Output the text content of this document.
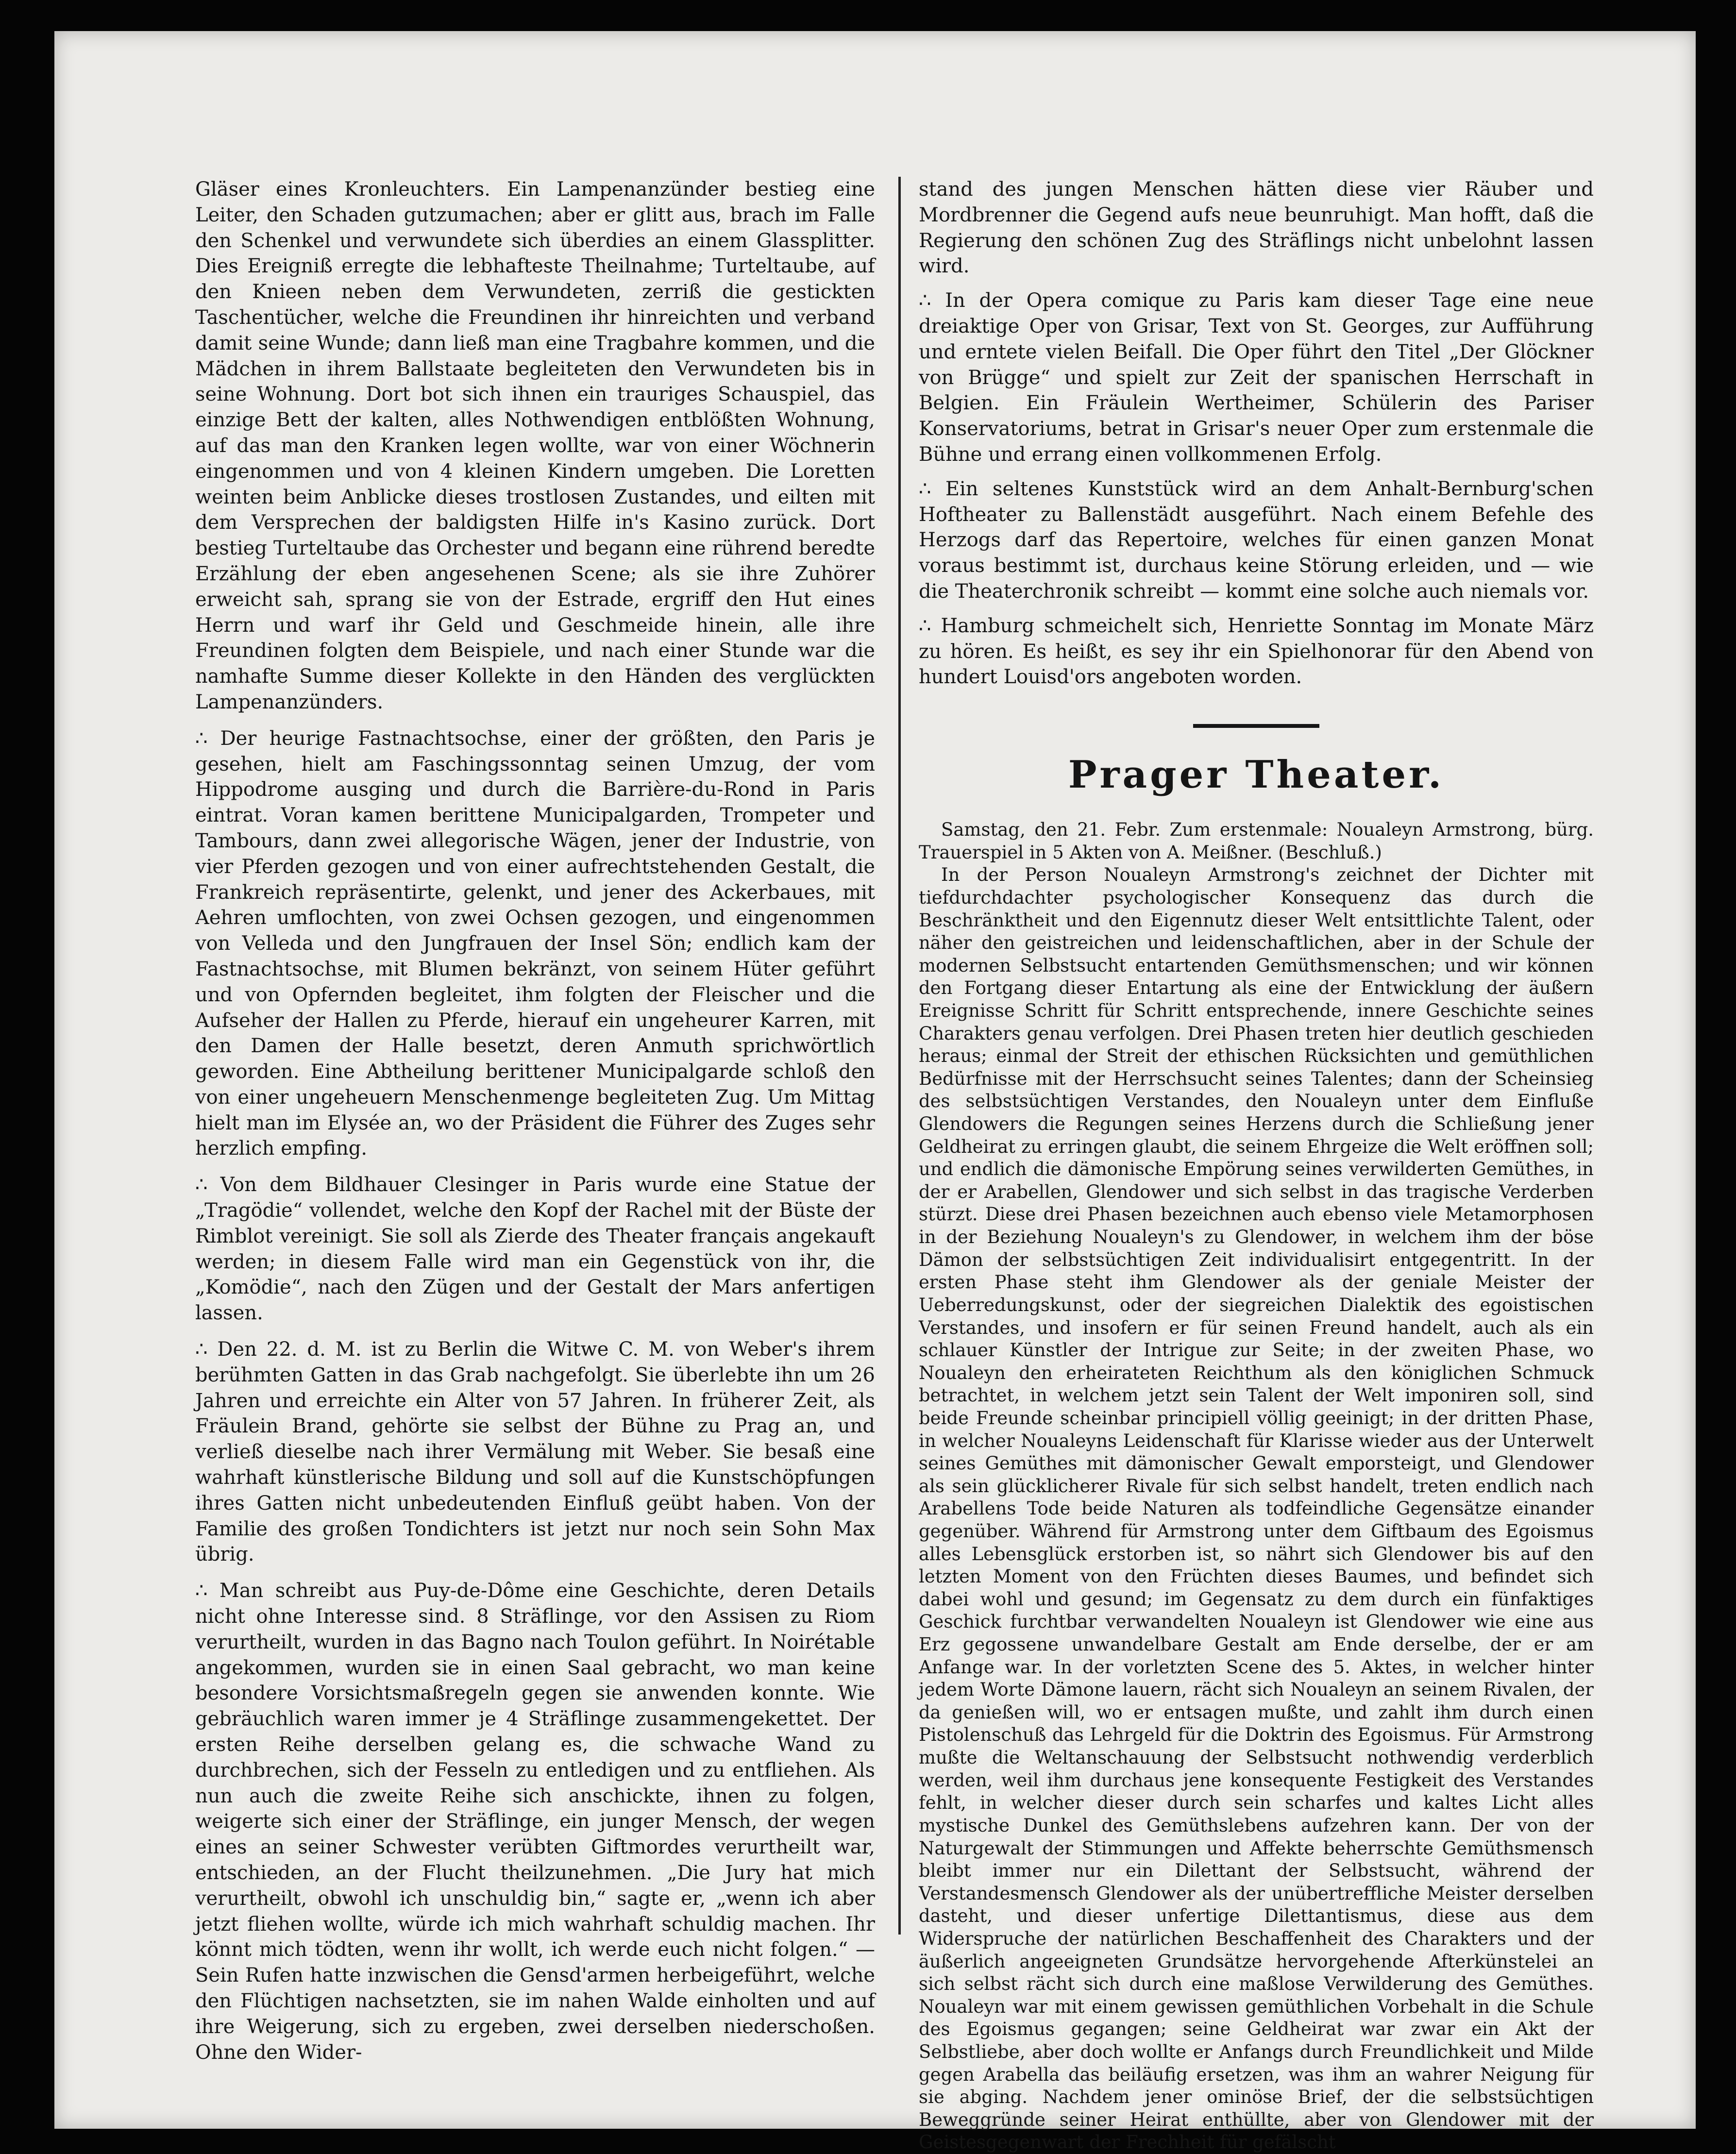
Gläser eines Kronleuchters. Ein Lampenanzünder bestieg eine Leiter, den Schaden gutzumachen; aber er glitt aus, brach im Falle den Schenkel und verwundete sich überdies an einem Glassplitter. Dies Ereigniß erregte die lebhafteste Theilnahme; Turteltaube, auf den Knieen neben dem Verwundeten, zerriß die gestickten Taschentücher, welche die Freundinen ihr hinreichten und verband damit seine Wunde; dann ließ man eine Tragbahre kommen, und die Mädchen in ihrem Ballstaate begleiteten den Verwundeten bis in seine Wohnung. Dort bot sich ihnen ein trauriges Schauspiel, das einzige Bett der kalten, alles Nothwendigen entblößten Wohnung, auf das man den Kranken legen wollte, war von einer Wöchnerin eingenommen und von 4 kleinen Kindern umgeben. Die Loretten weinten beim Anblicke dieses trostlosen Zustandes, und eilten mit dem Versprechen der baldigsten Hilfe in's Kasino zurück. Dort bestieg Turteltaube das Orchester und begann eine rührend beredte Erzählung der eben angesehenen Scene; als sie ihre Zuhörer erweicht sah, sprang sie von der Estrade, ergriff den Hut eines Herrn und warf ihr Geld und Geschmeide hinein, alle ihre Freundinen folgten dem Beispiele, und nach einer Stunde war die namhafte Summe dieser Kollekte in den Händen des verglückten Lampenanzünders.

∴ Der heurige Fastnachtsochse, einer der größten, den Paris je gesehen, hielt am Faschingssonntag seinen Umzug, der vom Hippodrome ausging und durch die Barrière-du-Rond in Paris eintrat. Voran kamen berittene Municipalgarden, Trompeter und Tambours, dann zwei allegorische Wägen, jener der Industrie, von vier Pferden gezogen und von einer aufrechtstehenden Gestalt, die Frankreich repräsentirte, gelenkt, und jener des Ackerbaues, mit Aehren umflochten, von zwei Ochsen gezogen, und eingenommen von Velleda und den Jungfrauen der Insel Sön; endlich kam der Fastnachtsochse, mit Blumen bekränzt, von seinem Hüter geführt und von Opfernden begleitet, ihm folgten der Fleischer und die Aufseher der Hallen zu Pferde, hierauf ein ungeheurer Karren, mit den Damen der Halle besetzt, deren Anmuth sprichwörtlich geworden. Eine Abtheilung berittener Municipalgarde schloß den von einer ungeheuern Menschenmenge begleiteten Zug. Um Mittag hielt man im Elysée an, wo der Präsident die Führer des Zuges sehr herzlich empfing.

∴ Von dem Bildhauer Clesinger in Paris wurde eine Statue der „Tragödie“ vollendet, welche den Kopf der Rachel mit der Büste der Rimblot vereinigt. Sie soll als Zierde des Theater français angekauft werden; in diesem Falle wird man ein Gegenstück von ihr, die „Komödie“, nach den Zügen und der Gestalt der Mars anfertigen lassen.

∴ Den 22. d. M. ist zu Berlin die Witwe C. M. von Weber's ihrem berühmten Gatten in das Grab nachgefolgt. Sie überlebte ihn um 26 Jahren und erreichte ein Alter von 57 Jahren. In früherer Zeit, als Fräulein Brand, gehörte sie selbst der Bühne zu Prag an, und verließ dieselbe nach ihrer Vermälung mit Weber. Sie besaß eine wahrhaft künstlerische Bildung und soll auf die Kunstschöpfungen ihres Gatten nicht unbedeutenden Einfluß geübt haben. Von der Familie des großen Tondichters ist jetzt nur noch sein Sohn Max übrig.

∴ Man schreibt aus Puy-de-Dôme eine Geschichte, deren Details nicht ohne Interesse sind. 8 Sträflinge, vor den Assisen zu Riom verurtheilt, wurden in das Bagno nach Toulon geführt. In Noirétable angekommen, wurden sie in einen Saal gebracht, wo man keine besondere Vorsichtsmaßregeln gegen sie anwenden konnte. Wie gebräuchlich waren immer je 4 Sträflinge zusammengekettet. Der ersten Reihe derselben gelang es, die schwache Wand zu durchbrechen, sich der Fesseln zu entledigen und zu entfliehen. Als nun auch die zweite Reihe sich anschickte, ihnen zu folgen, weigerte sich einer der Sträflinge, ein junger Mensch, der wegen eines an seiner Schwester verübten Giftmordes verurtheilt war, entschieden, an der Flucht theilzunehmen. „Die Jury hat mich verurtheilt, obwohl ich unschuldig bin,“ sagte er, „wenn ich aber jetzt fliehen wollte, würde ich mich wahrhaft schuldig machen. Ihr könnt mich tödten, wenn ihr wollt, ich werde euch nicht folgen.“ — Sein Rufen hatte inzwischen die Gensd'armen herbeigeführt, welche den Flüchtigen nachsetzten, sie im nahen Walde einholten und auf ihre Weigerung, sich zu ergeben, zwei derselben niederschoßen. Ohne den Wider-

stand des jungen Menschen hätten diese vier Räuber und Mordbrenner die Gegend aufs neue beunruhigt. Man hofft, daß die Regierung den schönen Zug des Sträflings nicht unbelohnt lassen wird.

∴ In der Opera comique zu Paris kam dieser Tage eine neue dreiaktige Oper von Grisar, Text von St. Georges, zur Aufführung und erntete vielen Beifall. Die Oper führt den Titel „Der Glöckner von Brügge“ und spielt zur Zeit der spanischen Herrschaft in Belgien. Ein Fräulein Wertheimer, Schülerin des Pariser Konservatoriums, betrat in Grisar's neuer Oper zum erstenmale die Bühne und errang einen vollkommenen Erfolg.

∴ Ein seltenes Kunststück wird an dem Anhalt-Bernburg'schen Hoftheater zu Ballenstädt ausgeführt. Nach einem Befehle des Herzogs darf das Repertoire, welches für einen ganzen Monat voraus bestimmt ist, durchaus keine Störung erleiden, und — wie die Theaterchronik schreibt — kommt eine solche auch niemals vor.

∴ Hamburg schmeichelt sich, Henriette Sonntag im Monate März zu hören. Es heißt, es sey ihr ein Spielhonorar für den Abend von hundert Louisd'ors angeboten worden.

Prager Theater.

Samstag, den 21. Febr. Zum erstenmale: Noualeyn Armstrong, bürg. Trauerspiel in 5 Akten von A. Meißner. (Beschluß.)

In der Person Noualeyn Armstrong's zeichnet der Dichter mit tiefdurchdachter psychologischer Konsequenz das durch die Beschränktheit und den Eigennutz dieser Welt entsittlichte Talent, oder näher den geistreichen und leidenschaftlichen, aber in der Schule der modernen Selbstsucht entartenden Gemüthsmenschen; und wir können den Fortgang dieser Entartung als eine der Entwicklung der äußern Ereignisse Schritt für Schritt entsprechende, innere Geschichte seines Charakters genau verfolgen. Drei Phasen treten hier deutlich geschieden heraus; einmal der Streit der ethischen Rücksichten und gemüthlichen Bedürfnisse mit der Herrschsucht seines Talentes; dann der Scheinsieg des selbstsüchtigen Verstandes, den Noualeyn unter dem Einfluße Glendowers die Regungen seines Herzens durch die Schließung jener Geldheirat zu erringen glaubt, die seinem Ehrgeize die Welt eröffnen soll; und endlich die dämonische Empörung seines verwilderten Gemüthes, in der er Arabellen, Glendower und sich selbst in das tragische Verderben stürzt. Diese drei Phasen bezeichnen auch ebenso viele Metamorphosen in der Beziehung Noualeyn's zu Glendower, in welchem ihm der böse Dämon der selbstsüchtigen Zeit individualisirt entgegentritt. In der ersten Phase steht ihm Glendower als der geniale Meister der Ueberredungskunst, oder der siegreichen Dialektik des egoistischen Verstandes, und insofern er für seinen Freund handelt, auch als ein schlauer Künstler der Intrigue zur Seite; in der zweiten Phase, wo Noualeyn den erheirateten Reichthum als den königlichen Schmuck betrachtet, in welchem jetzt sein Talent der Welt imponiren soll, sind beide Freunde scheinbar principiell völlig geeinigt; in der dritten Phase, in welcher Noualeyns Leidenschaft für Klarisse wieder aus der Unterwelt seines Gemüthes mit dämonischer Gewalt emporsteigt, und Glendower als sein glücklicherer Rivale für sich selbst handelt, treten endlich nach Arabellens Tode beide Naturen als todfeindliche Gegensätze einander gegenüber. Während für Armstrong unter dem Giftbaum des Egoismus alles Lebensglück erstorben ist, so nährt sich Glendower bis auf den letzten Moment von den Früchten dieses Baumes, und befindet sich dabei wohl und gesund; im Gegensatz zu dem durch ein fünfaktiges Geschick furchtbar verwandelten Noualeyn ist Glendower wie eine aus Erz gegossene unwandelbare Gestalt am Ende derselbe, der er am Anfange war. In der vorletzten Scene des 5. Aktes, in welcher hinter jedem Worte Dämone lauern, rächt sich Noualeyn an seinem Rivalen, der da genießen will, wo er entsagen mußte, und zahlt ihm durch einen Pistolenschuß das Lehrgeld für die Doktrin des Egoismus. Für Armstrong mußte die Weltanschauung der Selbstsucht nothwendig verderblich werden, weil ihm durchaus jene konsequente Festigkeit des Verstandes fehlt, in welcher dieser durch sein scharfes und kaltes Licht alles mystische Dunkel des Gemüthslebens aufzehren kann. Der von der Naturgewalt der Stimmungen und Affekte beherrschte Gemüthsmensch bleibt immer nur ein Dilettant der Selbstsucht, während der Verstandesmensch Glendower als der unübertreffliche Meister derselben dasteht, und dieser unfertige Dilettantismus, diese aus dem Widerspruche der natürlichen Beschaffenheit des Charakters und der äußerlich angeeigneten Grundsätze hervorgehende Afterkünstelei an sich selbst rächt sich durch eine maßlose Verwilderung des Gemüthes. Noualeyn war mit einem gewissen gemüthlichen Vorbehalt in die Schule des Egoismus gegangen; seine Geldheirat war zwar ein Akt der Selbstliebe, aber doch wollte er Anfangs durch Freundlichkeit und Milde gegen Arabella das beiläufig ersetzen, was ihm an wahrer Neigung für sie abging. Nachdem jener ominöse Brief, der die selbstsüchtigen Beweggründe seiner Heirat enthüllte, aber von Glendower mit der Geistesgegenwart der Frechheit für gefälscht
